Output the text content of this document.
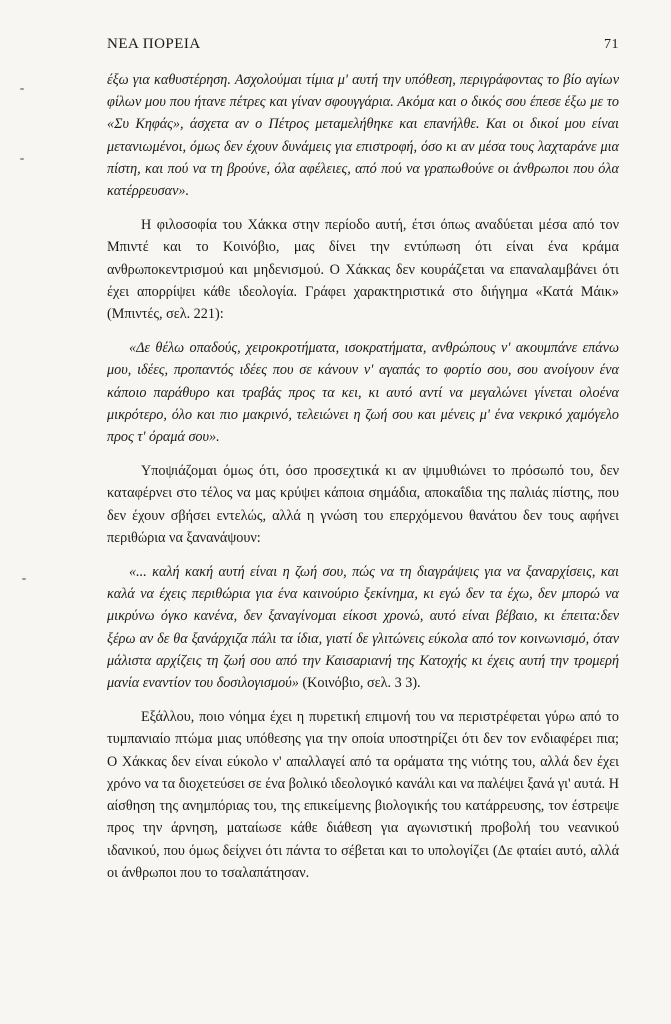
ΝΕΑ ΠΟΡΕΙΑ	71

έξω για καθυστέρηση. Ασχολούμαι τίμια μ' αυτή την υπόθεση, περιγράφοντας το βίο αγίων φίλων μου που ήτανε πέτρες και γίναν σφουγγάρια. Ακόμα και ο δικός σου έπεσε έξω με το «Συ Κηφάς», άσχετα αν ο Πέτρος μεταμελήθηκε και επανήλθε. Και οι δικοί μου είναι μετανιωμένοι, όμως δεν έχουν δυνάμεις για επιστροφή, όσο κι αν μέσα τους λαχταράνε μια πίστη, και πού να τη βρούνε, όλα αφέλειες, από πού να γραπωθούνε οι άνθρωποι που όλα κατέρρευσαν».

Η φιλοσοφία του Χάκκα στην περίοδο αυτή, έτσι όπως αναδύεται μέσα από τον Μπιντέ και το Κοινόβιο, μας δίνει την εντύπωση ότι είναι ένα κράμα ανθρωποκεντρισμού και μηδενισμού. Ο Χάκκας δεν κουράζεται να επαναλαμβάνει ότι έχει απορρίψει κάθε ιδεολογία. Γράφει χαρακτηριστικά στο διήγημα «Κατά Μάικ» (Μπιντές, σελ. 221):

«Δε θέλω οπαδούς, χειροκροτήματα, ισοκρατήματα, ανθρώπους ν' ακουμπάνε επάνω μου, ιδέες, προπαντός ιδέες που σε κάνουν ν' αγαπάς το φορτίο σου, σου ανοίγουν ένα κάποιο παράθυρο και τραβάς προς τα κει, κι αυτό αντί να μεγαλώνει γίνεται ολοένα μικρότερο, όλο και πιο μακρινό, τελειώνει η ζωή σου και μένεις μ' ένα νεκρικό χαμόγελο προς τ' όραμά σου».

Υποψιάζομαι όμως ότι, όσο προσεχτικά κι αν ψιμυθιώνει το πρόσωπό του, δεν καταφέρνει στο τέλος να μας κρύψει κάποια σημάδια, αποκαΐδια της παλιάς πίστης, που δεν έχουν σβήσει εντελώς, αλλά η γνώση του επερχόμενου θανάτου δεν τους αφήνει περιθώρια να ξανανάψουν:

«... καλή κακή αυτή είναι η ζωή σου, πώς να τη διαγράψεις για να ξαναρχίσεις, και καλά να έχεις περιθώρια για ένα καινούριο ξεκίνημα, κι εγώ δεν τα έχω, δεν μπορώ να μικρύνω όγκο κανένα, δεν ξαναγίνομαι είκοσι χρονώ, αυτό είναι βέβαιο, κι έπειτα:δεν ξέρω αν δε θα ξανάρχιζα πάλι τα ίδια, γιατί δε γλιτώνεις εύκολα από τον κοινωνισμό, όταν μάλιστα αρχίζεις τη ζωή σου από την Καισαριανή της Κατοχής κι έχεις αυτή την τρομερή μανία εναντίον του δοσιλογισμού» (Κοινόβιο, σελ. 3 3).

Εξάλλου, ποιο νόημα έχει η πυρετική επιμονή του να περιστρέφεται γύρω από το τυμπανιαίο πτώμα μιας υπόθεσης για την οποία υποστηρίζει ότι δεν τον ενδιαφέρει πια; Ο Χάκκας δεν είναι εύκολο ν' απαλλαγεί από τα οράματα της νιότης του, αλλά δεν έχει χρόνο να τα διοχετεύσει σε ένα βολικό ιδεολογικό κανάλι και να παλέψει ξανά γι' αυτά. Η αίσθηση της ανημπόριας του, της επικείμενης βιολογικής του κατάρρευσης, τον έστρεψε προς την άρνηση, ματαίωσε κάθε διάθεση για αγωνιστική προβολή του νεανικού ιδανικού, που όμως δείχνει ότι πάντα το σέβεται και το υπολογίζει (Δε φταίει αυτό, αλλά οι άνθρωποι που το τσαλαπάτησαν.
